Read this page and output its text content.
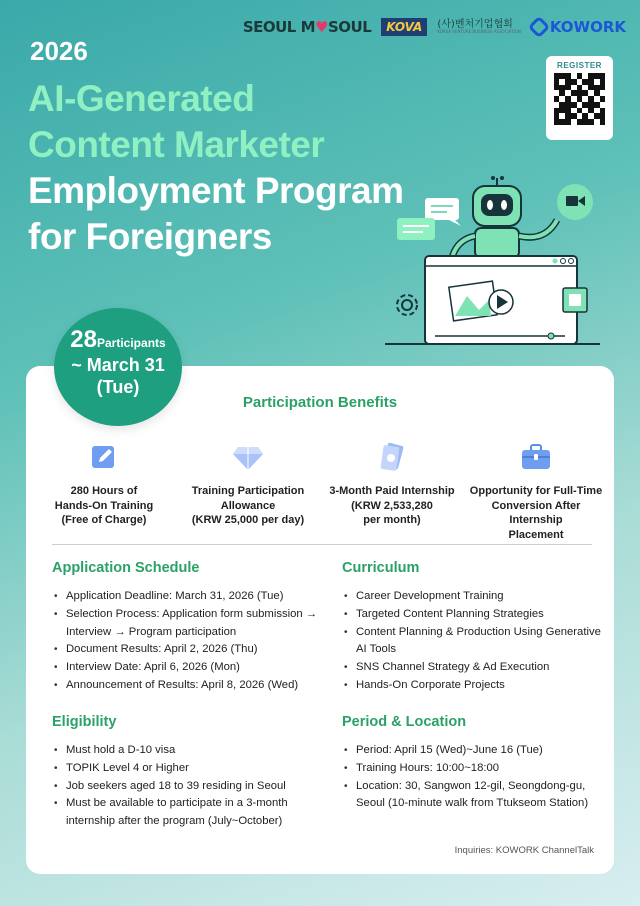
SEOUL M♥SOUL	KOVA	(사)벤처기업협회
KOREA VENTURE BUSINESS ASSOCIATION KOWORK
REGISTER
2026
AI-Generated
Content Marketer
Employment Program
for Foreigners
28Participants
~ March 31
(Tue)
Participation Benefits
280 Hours of
Hands-On Training
(Free of Charge)
Training Participation
Allowance
(KRW 25,000 per day)
3-Month Paid Internship
(KRW 2,533,280
per month)
Opportunity for Full-Time
Conversion After Internship
Placement
Application Schedule
• Application Deadline: March 31, 2026 (Tue)
• Selection Process: Application form submission → Interview → Program participation
• Document Results: April 2, 2026 (Thu)
• Interview Date: April 6, 2026 (Mon)
• Announcement of Results: April 8, 2026 (Wed)
Curriculum
• Career Development Training
• Targeted Content Planning Strategies
• Content Planning & Production Using Generative AI Tools
• SNS Channel Strategy & Ad Execution
• Hands-On Corporate Projects
Eligibility
• Must hold a D-10 visa
• TOPIK Level 4 or Higher
• Job seekers aged 18 to 39 residing in Seoul
• Must be available to participate in a 3-month internship after the program (July~October)
Period & Location
• Period: April 15 (Wed)~June 16 (Tue)
• Training Hours: 10:00~18:00
• Location: 30, Sangwon 12-gil, Seongdong-gu, Seoul (10-minute walk from Ttukseom Station)
Inquiries: KOWORK ChannelTalk
